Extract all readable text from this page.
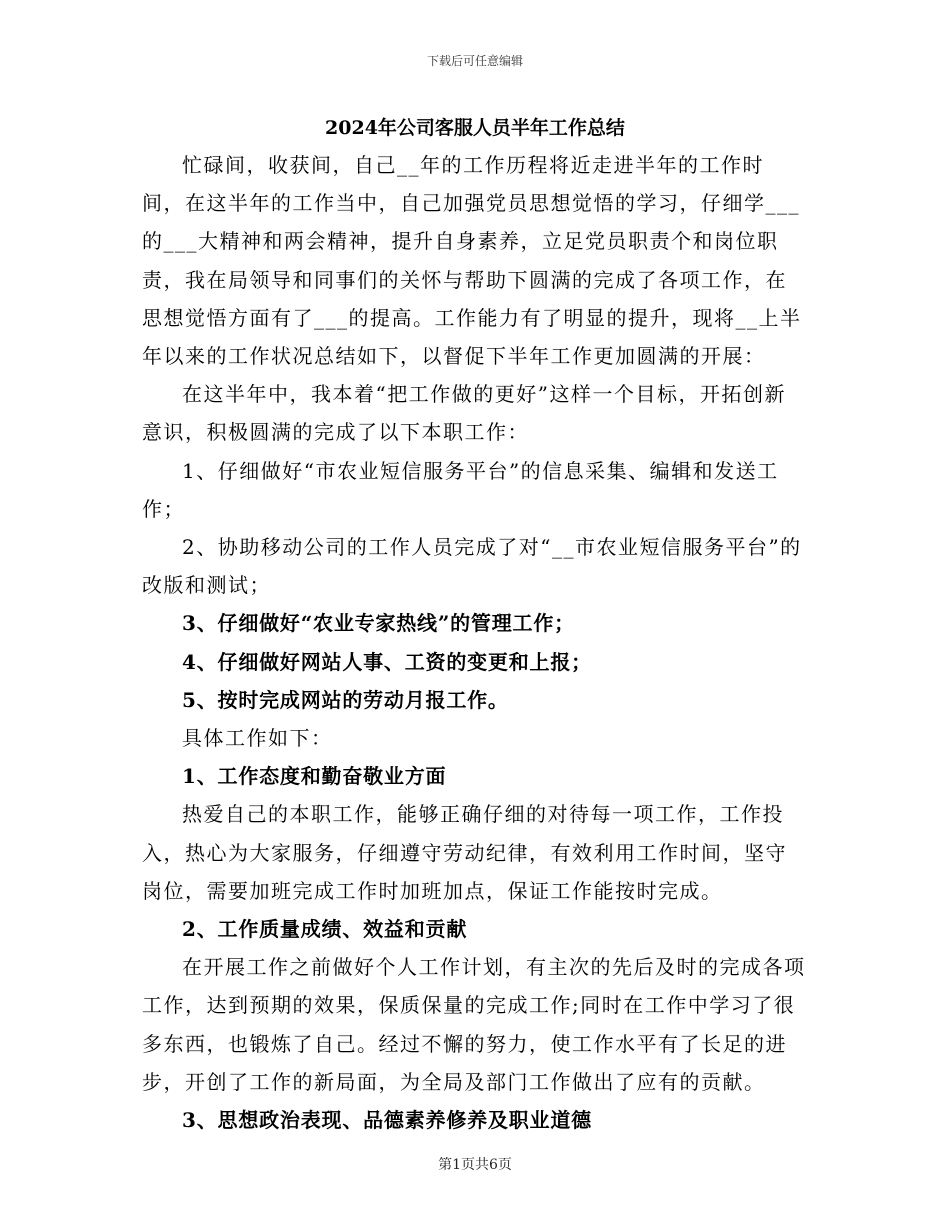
下载后可任意编辑
2024年公司客服人员半年工作总结

忙碌间，收获间，自己__年的工作历程将近走进半年的工作时间，在这半年的工作当中，自己加强党员思想觉悟的学习，仔细学___的___大精神和两会精神，提升自身素养，立足党员职责个和岗位职责，我在局领导和同事们的关怀与帮助下圆满的完成了各项工作，在思想觉悟方面有了___的提高。工作能力有了明显的提升，现将__上半年以来的工作状况总结如下，以督促下半年工作更加圆满的开展：

在这半年中，我本着“把工作做的更好”这样一个目标，开拓创新意识，积极圆满的完成了以下本职工作：

1、仔细做好“市农业短信服务平台”的信息采集、编辑和发送工作；

2、协助移动公司的工作人员完成了对“__市农业短信服务平台”的改版和测试；

3、仔细做好“农业专家热线”的管理工作；

4、仔细做好网站人事、工资的变更和上报；

5、按时完成网站的劳动月报工作。

具体工作如下：

1、工作态度和勤奋敬业方面

热爱自己的本职工作，能够正确仔细的对待每一项工作，工作投入，热心为大家服务，仔细遵守劳动纪律，有效利用工作时间，坚守岗位，需要加班完成工作时加班加点，保证工作能按时完成。

2、工作质量成绩、效益和贡献

在开展工作之前做好个人工作计划，有主次的先后及时的完成各项工作，达到预期的效果，保质保量的完成工作;同时在工作中学习了很多东西，也锻炼了自己。经过不懈的努力，使工作水平有了长足的进步，开创了工作的新局面，为全局及部门工作做出了应有的贡献。

3、思想政治表现、品德素养修养及职业道德

第1页共6页
